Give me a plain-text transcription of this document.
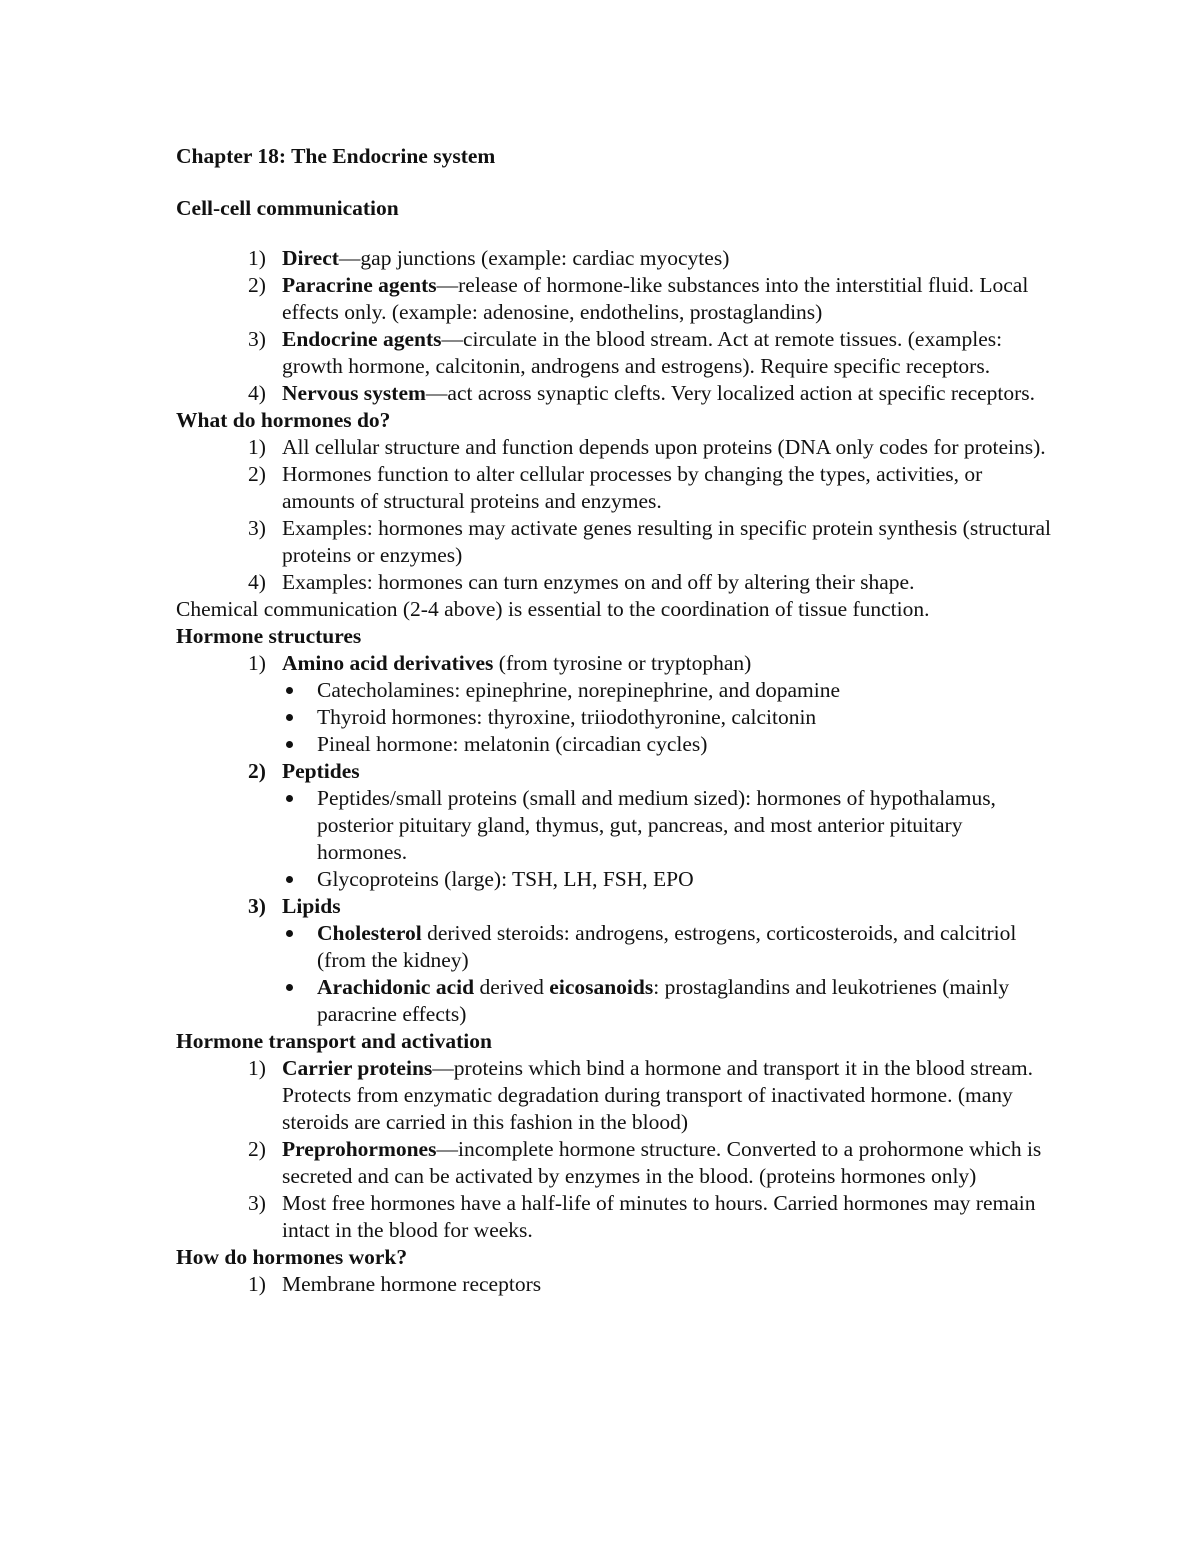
Chapter 18: The Endocrine system

Cell-cell communication

1) Direct—gap junctions (example: cardiac myocytes)
2) Paracrine agents—release of hormone-like substances into the interstitial fluid. Local effects only. (example: adenosine, endothelins, prostaglandins)
3) Endocrine agents—circulate in the blood stream. Act at remote tissues. (examples: growth hormone, calcitonin, androgens and estrogens). Require specific receptors.
4) Nervous system—act across synaptic clefts. Very localized action at specific receptors.

What do hormones do?

1) All cellular structure and function depends upon proteins (DNA only codes for proteins).
2) Hormones function to alter cellular processes by changing the types, activities, or amounts of structural proteins and enzymes.
3) Examples: hormones may activate genes resulting in specific protein synthesis (structural proteins or enzymes)
4) Examples: hormones can turn enzymes on and off by altering their shape.

Chemical communication (2-4 above) is essential to the coordination of tissue function.

Hormone structures

1) Amino acid derivatives (from tyrosine or tryptophan)
Catecholamines: epinephrine, norepinephrine, and dopamine
Thyroid hormones: thyroxine, triiodothyronine, calcitonin
Pineal hormone: melatonin (circadian cycles)
2) Peptides
Peptides/small proteins (small and medium sized): hormones of hypothalamus, posterior pituitary gland, thymus, gut, pancreas, and most anterior pituitary hormones.
Glycoproteins (large): TSH, LH, FSH, EPO
3) Lipids
Cholesterol derived steroids: androgens, estrogens, corticosteroids, and calcitriol (from the kidney)
Arachidonic acid derived eicosanoids: prostaglandins and leukotrienes (mainly paracrine effects)

Hormone transport and activation

1) Carrier proteins—proteins which bind a hormone and transport it in the blood stream. Protects from enzymatic degradation during transport of inactivated hormone. (many steroids are carried in this fashion in the blood)
2) Preprohormones—incomplete hormone structure. Converted to a prohormone which is secreted and can be activated by enzymes in the blood. (proteins hormones only)
3) Most free hormones have a half-life of minutes to hours. Carried hormones may remain intact in the blood for weeks.

How do hormones work?

1) Membrane hormone receptors
